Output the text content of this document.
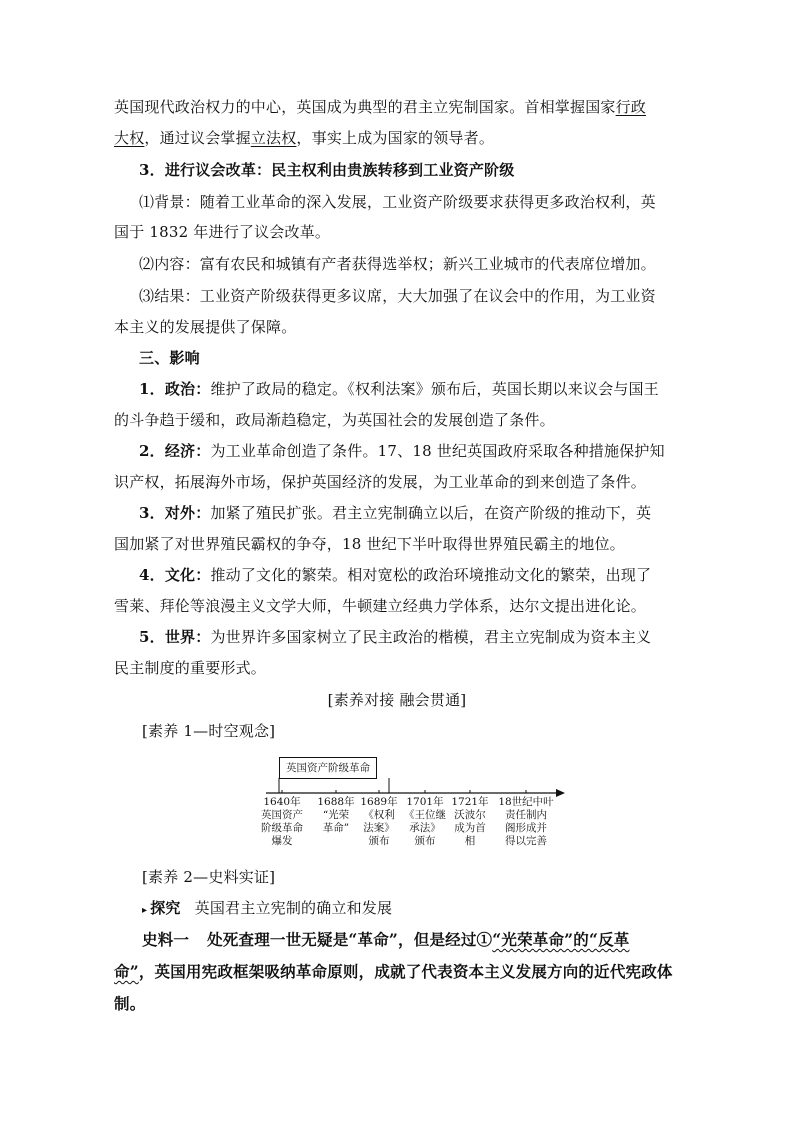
英国现代政治权力的中心，英国成为典型的君主立宪制国家。首相掌握国家行政
大权，通过议会掌握立法权，事实上成为国家的领导者。
3．进行议会改革：民主权利由贵族转移到工业资产阶级
⑴背景：随着工业革命的深入发展，工业资产阶级要求获得更多政治权利，英
国于 1832 年进行了议会改革。
⑵内容：富有农民和城镇有产者获得选举权；新兴工业城市的代表席位增加。
⑶结果：工业资产阶级获得更多议席，大大加强了在议会中的作用，为工业资
本主义的发展提供了保障。
三、影响
1．政治：维护了政局的稳定。《权利法案》颁布后，英国长期以来议会与国王
的斗争趋于缓和，政局渐趋稳定，为英国社会的发展创造了条件。
2．经济：为工业革命创造了条件。17、18 世纪英国政府采取各种措施保护知
识产权，拓展海外市场，保护英国经济的发展，为工业革命的到来创造了条件。
3．对外：加紧了殖民扩张。君主立宪制确立以后，在资产阶级的推动下，英
国加紧了对世界殖民霸权的争夺，18 世纪下半叶取得世界殖民霸主的地位。
4．文化：推动了文化的繁荣。相对宽松的政治环境推动文化的繁荣，出现了
雪莱、拜伦等浪漫主义文学大师，牛顿建立经典力学体系，达尔文提出进化论。
5．世界：为世界许多国家树立了民主政治的楷模，君主立宪制成为资本主义
民主制度的重要形式。
[素养对接 融会贯通]
[素养 1—时空观念]
英国资产阶级革命
1640年
英国资产
阶级革命
爆发
1688年
“光荣
革命”
1689年
《权利
法案》
颁布
1701年
《王位继
承法》
颁布
1721年
沃波尔
成为首
相
18世纪中叶
责任制内
阁形成并
得以完善
[素养 2—史料实证]
▸ 探究 英国君主立宪制的确立和发展
史料一 处死查理一世无疑是“革命”，但是经过①“光荣革命”的“反革
命”，英国用宪政框架吸纳革命原则，成就了代表资本主义发展方向的近代宪政体
制。
